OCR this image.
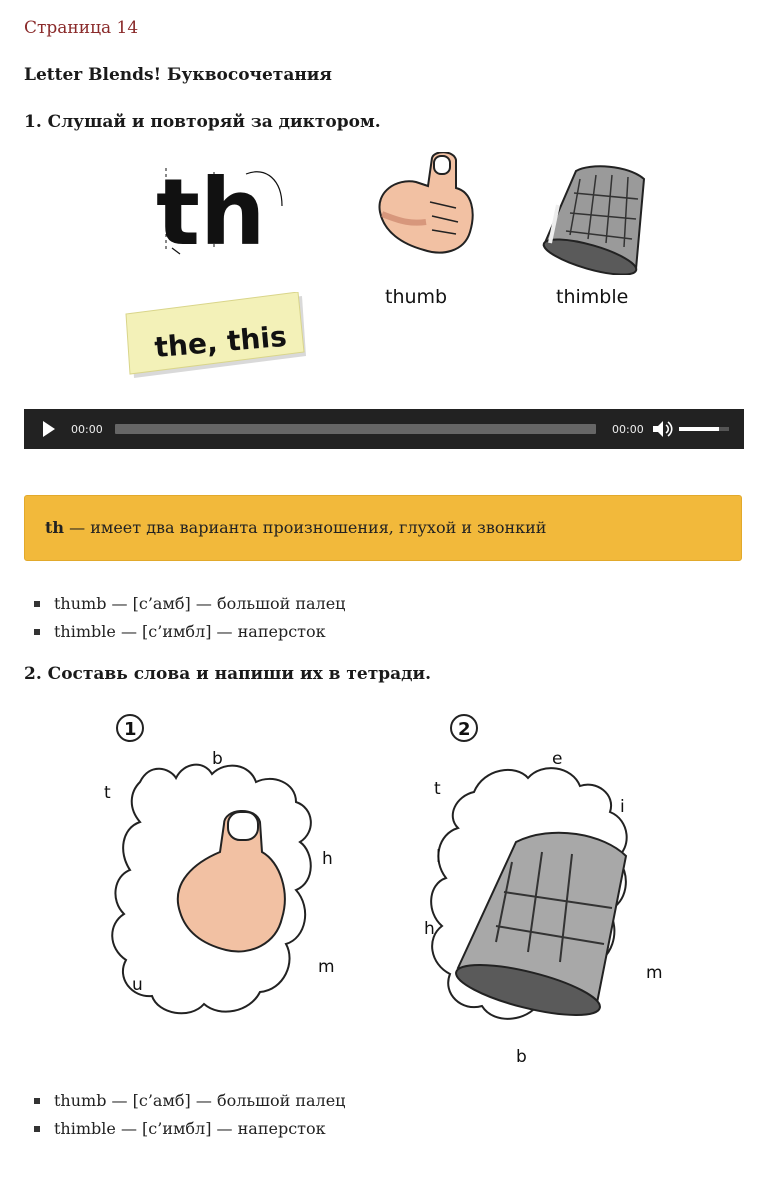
Страница 14
Letter Blends! Буквосочетания
1. Слушай и повторяй за диктором.
th
the, this
thumb	thimble
00:00	00:00
th — имеет два варианта произношения, глухой и звонкий
thumb — [с’амб] — большой палец
thimble — [с’имбл] — наперсток
2. Составь слова и напиши их в тетради.
1
b
t
h
u
m
2
e
t
i
l
h
m
b
thumb — [с’амб] — большой палец
thimble — [с’имбл] — наперсток
